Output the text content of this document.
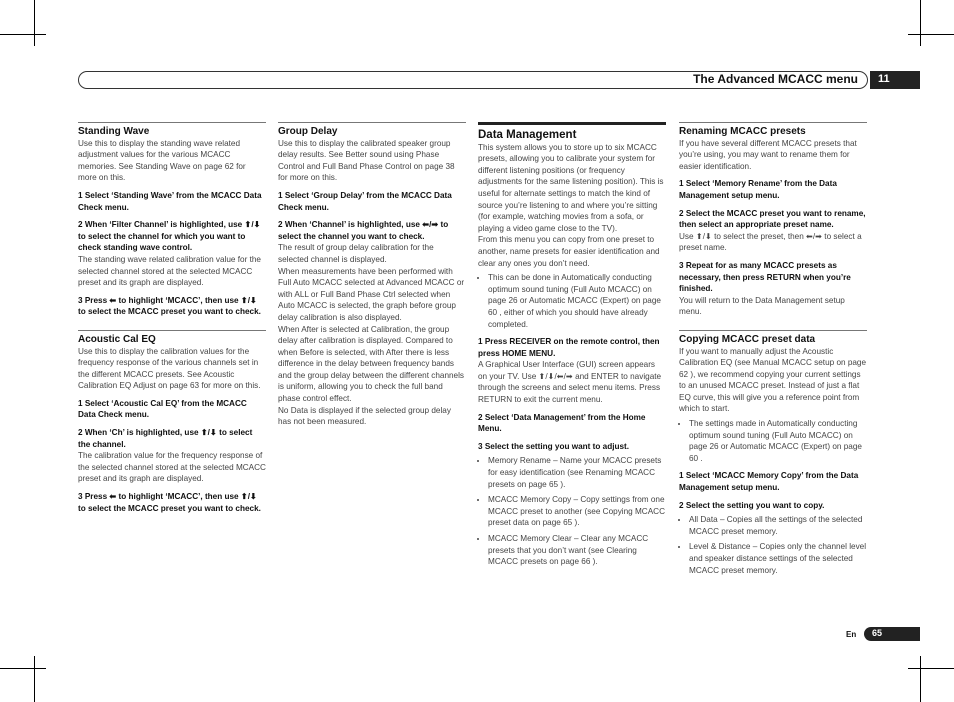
The Advanced MCACC menu 11

Standing Wave

Use this to display the standing wave related adjustment values for the various MCACC memories. See Standing Wave on page 62 for more on this.

1 Select ‘Standing Wave’ from the MCACC Data Check menu.

2 When ‘Filter Channel’ is highlighted, use ⬆/⬇ to select the channel for which you want to check standing wave control.

The standing wave related calibration value for the selected channel stored at the selected MCACC preset and its graph are displayed.

3 Press ⬅ to highlight ‘MCACC’, then use ⬆/⬇ to select the MCACC preset you want to check.

Acoustic Cal EQ

Use this to display the calibration values for the frequency response of the various channels set in the different MCACC presets. See Acoustic Calibration EQ Adjust on page 63 for more on this.

1 Select ‘Acoustic Cal EQ’ from the MCACC Data Check menu.

2 When ‘Ch’ is highlighted, use ⬆/⬇ to select the channel.

The calibration value for the frequency response of the selected channel stored at the selected MCACC preset and its graph are displayed.

3 Press ⬅ to highlight ‘MCACC’, then use ⬆/⬇ to select the MCACC preset you want to check.

Group Delay

Use this to display the calibrated speaker group delay results. See Better sound using Phase Control and Full Band Phase Control on page 38 for more on this.

1 Select ‘Group Delay’ from the MCACC Data Check menu.

2 When ‘Channel’ is highlighted, use ⬅/➡ to select the channel you want to check.

The result of group delay calibration for the selected channel is displayed.

When measurements have been performed with Full Auto MCACC selected at Advanced MCACC or with ALL or Full Band Phase Ctrl selected when Auto MCACC is selected, the graph before group delay calibration is also displayed.

When After is selected at Calibration, the group delay after calibration is displayed. Compared to when Before is selected, with After there is less difference in the delay between frequency bands and the group delay between the different channels is uniform, allowing you to check the full band phase control effect.

No Data is displayed if the selected group delay has not been measured.

Data Management

This system allows you to store up to six MCACC presets, allowing you to calibrate your system for different listening positions (or frequency adjustments for the same listening position). This is useful for alternate settings to match the kind of source you’re listening to and where you’re sitting (for example, watching movies from a sofa, or playing a video game close to the TV).

From this menu you can copy from one preset to another, name presets for easier identification and clear any ones you don’t need.

• This can be done in Automatically conducting optimum sound tuning (Full Auto MCACC) on page 26 or Automatic MCACC (Expert) on page 60 , either of which you should have already completed.

1 Press RECEIVER on the remote control, then press HOME MENU.

A Graphical User Interface (GUI) screen appears on your TV. Use ⬆/⬇/⬅/➡ and ENTER to navigate through the screens and select menu items. Press RETURN to exit the current menu.

2 Select ‘Data Management’ from the Home Menu.

3 Select the setting you want to adjust.

• Memory Rename – Name your MCACC presets for easy identification (see Renaming MCACC presets on page 65 ).
• MCACC Memory Copy – Copy settings from one MCACC preset to another (see Copying MCACC preset data on page 65 ).
• MCACC Memory Clear – Clear any MCACC presets that you don’t want (see Clearing MCACC presets on page 66 ).

Renaming MCACC presets

If you have several different MCACC presets that you’re using, you may want to rename them for easier identification.

1 Select ‘Memory Rename’ from the Data Management setup menu.

2 Select the MCACC preset you want to rename, then select an appropriate preset name.

Use ⬆/⬇ to select the preset, then ⬅/➡ to select a preset name.

3 Repeat for as many MCACC presets as necessary, then press RETURN when you’re finished.

You will return to the Data Management setup menu.

Copying MCACC preset data

If you want to manually adjust the Acoustic Calibration EQ (see Manual MCACC setup on page 62 ), we recommend copying your current settings to an unused MCACC preset. Instead of just a flat EQ curve, this will give you a reference point from which to start.

• The settings made in Automatically conducting optimum sound tuning (Full Auto MCACC) on page 26 or Automatic MCACC (Expert) on page 60 .

1 Select ‘MCACC Memory Copy’ from the Data Management setup menu.

2 Select the setting you want to copy.

• All Data – Copies all the settings of the selected MCACC preset memory.
• Level & Distance – Copies only the channel level and speaker distance settings of the selected MCACC preset memory.
En 65
